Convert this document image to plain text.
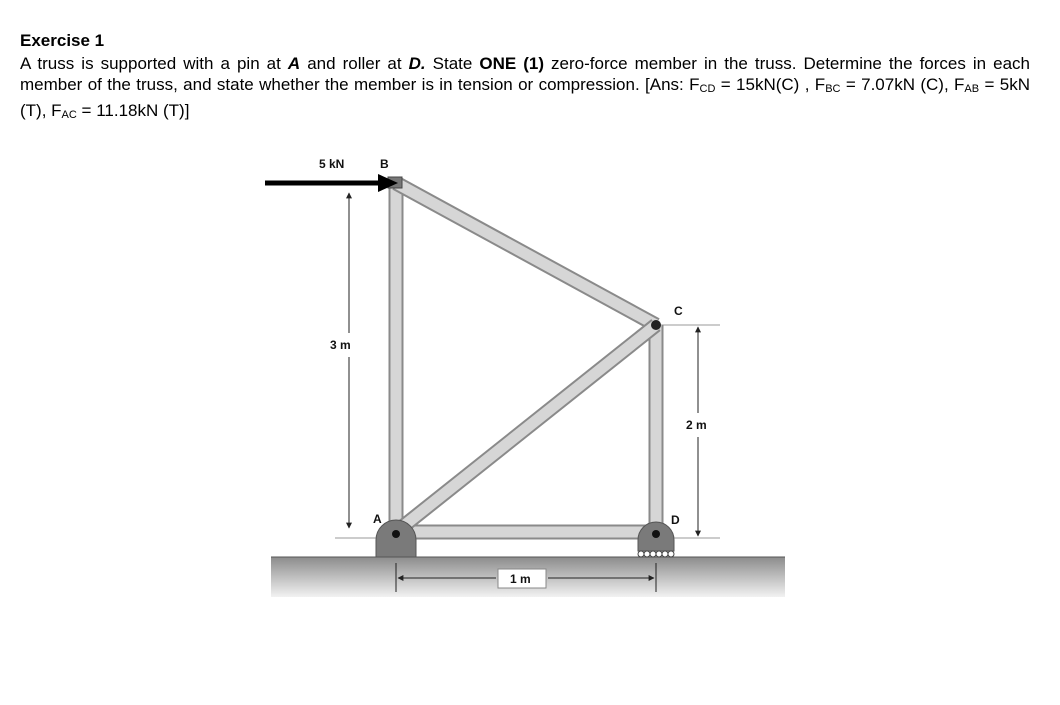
Exercise 1

A truss is supported with a pin at A and roller at D. State ONE (1) zero-force member in the truss. Determine the forces in each member of the truss, and state whether the member is in tension or compression. [Ans: $F_{CD} = 15kN(C)$ , $F_{BC} = 7.07kN$ (C), $F_{AB} = 5kN$ (T), $F_{AC} = 11.18kN$ (T)]

5 kN	B
C
A	D
3 m
2 m
1 m
